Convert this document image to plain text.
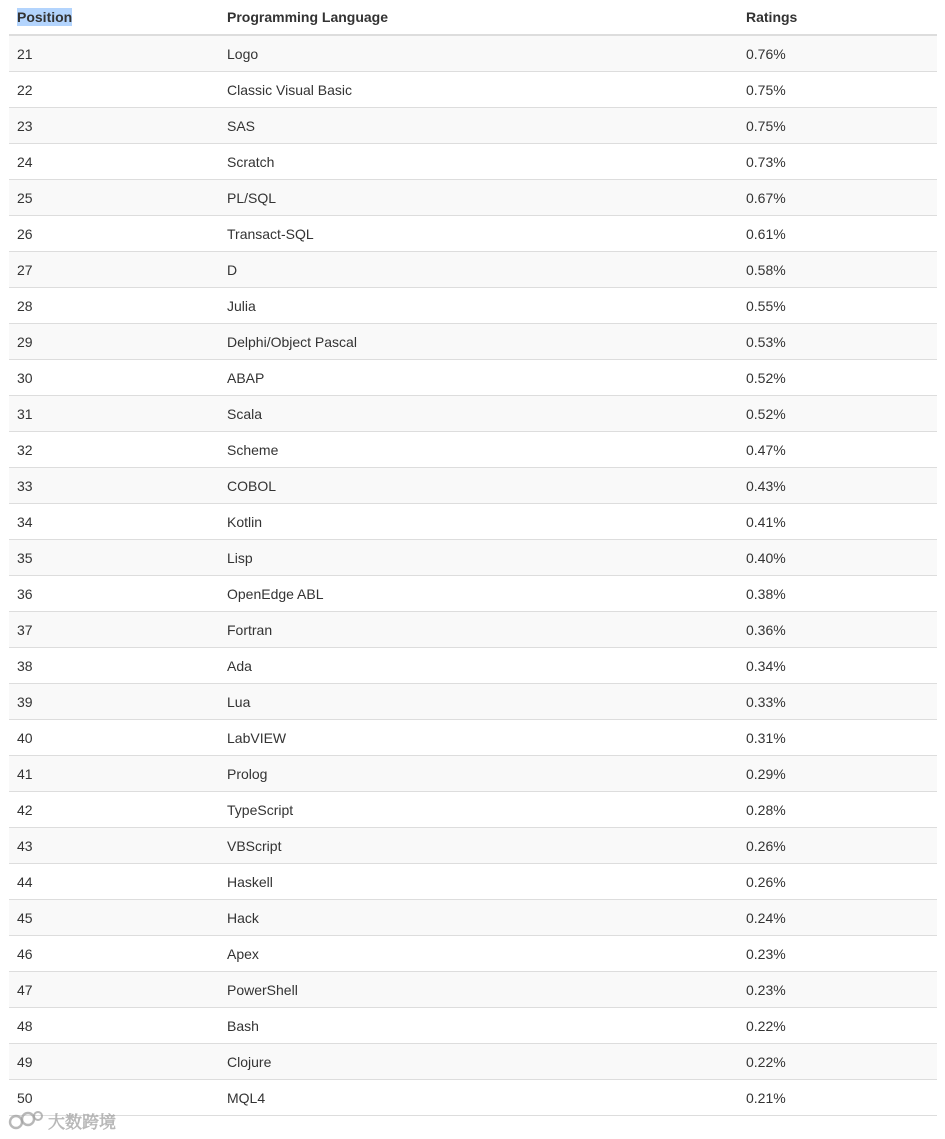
Position	Programming Language	Ratings
21	Logo	0.76%
22	Classic Visual Basic	0.75%
23	SAS	0.75%
24	Scratch	0.73%
25	PL/SQL	0.67%
26	Transact-SQL	0.61%
27	D	0.58%
28	Julia	0.55%
29	Delphi/Object Pascal	0.53%
30	ABAP	0.52%
31	Scala	0.52%
32	Scheme	0.47%
33	COBOL	0.43%
34	Kotlin	0.41%
35	Lisp	0.40%
36	OpenEdge ABL	0.38%
37	Fortran	0.36%
38	Ada	0.34%
39	Lua	0.33%
40	LabVIEW	0.31%
41	Prolog	0.29%
42	TypeScript	0.28%
43	VBScript	0.26%
44	Haskell	0.26%
45	Hack	0.24%
46	Apex	0.23%
47	PowerShell	0.23%
48	Bash	0.22%
49	Clojure	0.22%
50	MQL4	0.21%
大数跨境
